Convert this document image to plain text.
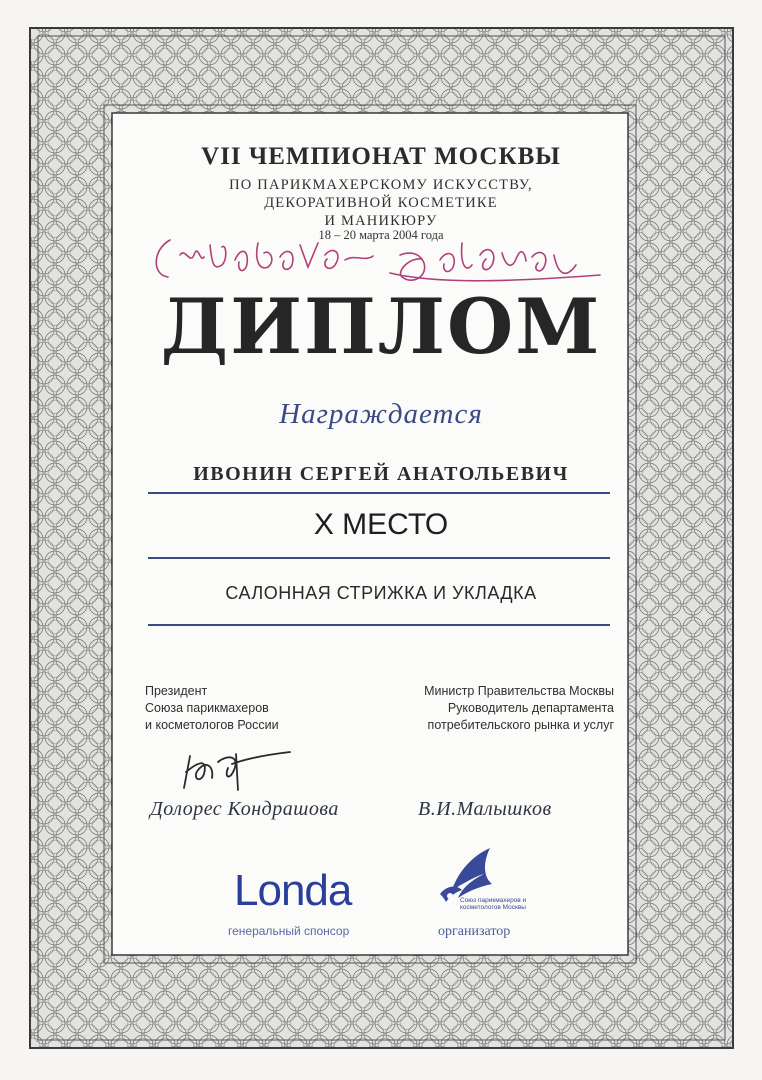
VII ЧЕМПИОНАТ МОСКВЫ
ПО ПАРИКМАХЕРСКОМУ ИСКУССТВУ,
ДЕКОРАТИВНОЙ КОСМЕТИКЕ
И МАНИКЮРУ
18 – 20 марта 2004 года
ДИПЛОМ
Награждается
ИВОНИН СЕРГЕЙ АНАТОЛЬЕВИЧ
X МЕСТО
САЛОННАЯ СТРИЖКА И УКЛАДКА
Президент
Союза парикмахеров
и косметологов России
Министр Правительства Москвы
Руководитель департамента
потребительского рынка и услуг
Долорес Кондрашова	В.И.Малышков
Londa
генеральный спонсор
Союз парикмахеров и косметологов Москвы
организатор
